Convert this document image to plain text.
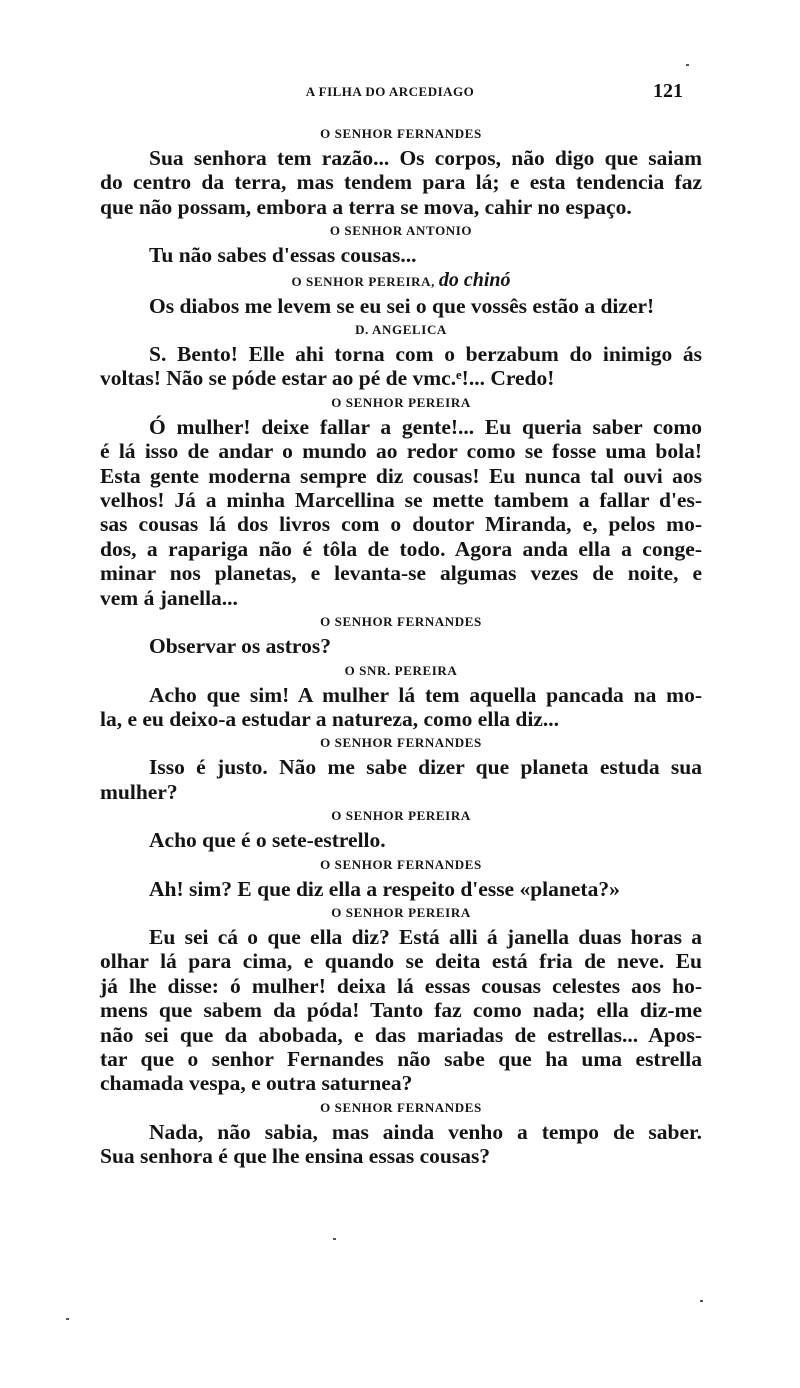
A FILHA DO ARCEDIAGO	121
O SENHOR FERNANDES
Sua senhora tem razão... Os corpos, não digo que saiam
do centro da terra, mas tendem para lá; e esta tendencia faz
que não possam, embora a terra se mova, cahir no espaço.
O SENHOR ANTONIO
Tu não sabes d'essas cousas...
O SENHOR PEREIRA, do chinó
Os diabos me levem se eu sei o que vossês estão a dizer!
D. ANGELICA
S. Bento! Elle ahi torna com o berzabum do inimigo ás
voltas! Não se póde estar ao pé de vmc.ᵉ!... Credo!
O SENHOR PEREIRA
Ó mulher! deixe fallar a gente!... Eu queria saber como
é lá isso de andar o mundo ao redor como se fosse uma bola!
Esta gente moderna sempre diz cousas! Eu nunca tal ouvi aos
velhos! Já a minha Marcellina se mette tambem a fallar d'es-
sas cousas lá dos livros com o doutor Miranda, e, pelos mo-
dos, a rapariga não é tôla de todo. Agora anda ella a conge-
minar nos planetas, e levanta-se algumas vezes de noite, e
vem á janella...
O SENHOR FERNANDES
Observar os astros?
O SNR. PEREIRA
Acho que sim! A mulher lá tem aquella pancada na mo-
la, e eu deixo-a estudar a natureza, como ella diz...
O SENHOR FERNANDES
Isso é justo. Não me sabe dizer que planeta estuda sua
mulher?
O SENHOR PEREIRA
Acho que é o sete-estrello.
O SENHOR FERNANDES
Ah! sim? E que diz ella a respeito d'esse «planeta?»
O SENHOR PEREIRA
Eu sei cá o que ella diz? Está alli á janella duas horas a
olhar lá para cima, e quando se deita está fria de neve. Eu
já lhe disse: ó mulher! deixa lá essas cousas celestes aos ho-
mens que sabem da póda! Tanto faz como nada; ella diz-me
não sei que da abobada, e das mariadas de estrellas... Apos-
tar que o senhor Fernandes não sabe que ha uma estrella
chamada vespa, e outra saturnea?
O SENHOR FERNANDES
Nada, não sabia, mas ainda venho a tempo de saber.
Sua senhora é que lhe ensina essas cousas?
